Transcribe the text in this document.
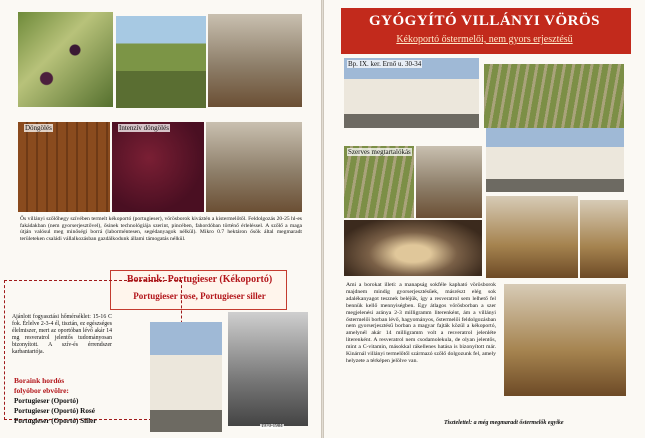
Döngölés	Intenzív döngölés
Ős villányi szőlőhegy szívében termelt kékoportó (portugieser), vörösborok kiváztén a kistermelőtől. Feldolgozás 20-25 hl-es fakádakban (nem gyorserjesztővel), ősinek technológiája szerint, pincében, fahordóban történő érleléssel. A szőlő a maga útján valósul meg minőségi borrá (laborméntesen, segédanyagok nélkül). Mikro 0.7 hektáron ősök által megmaradt területeken családi vállalkozásban gazdálkodunk állami támogatás nélkül.
Boraink: Portugieser (Kékoportó)
Portugieser rose, Portugieser siller
Ajánlott fogyasztási hőmérséklet: 15-16 C fok. Érlelve 2-3-4 él, tisztán, ez egészséges élelmiszer, mert az oportóban lévő akár 14 mg resveratrol jelentős tudományosan bizonyított. A szív-és érrendszer karbantartója.
Boraink hordós
folyóbor ebvölre:
Portugieser (Oportó)
Portugieser (Oportó) Rosé
Portugieser (Oportó) Siller
1970-1984
GYÓGYÍTÓ VILLÁNYI VÖRÖS
Kékoportó őstermelői, nem gyors erjesztésű
Bp. IX. ker. Ernő u. 30-34
Szerves megtartalókás
Ami a borokat illeti: a manapság sokféle kapható vörösborok majdnem mindig gyorserjesztésűek, másrészt elég sok adalékanyagot tesznek beléjük, így a resveratrol sem lelhető fel bennük kellő mennyiségben. Egy átlagos vörösborban a szer megjelenési aránya 2-3 milligramm literenként, ám a villányi őstermelői borban lévő, hagyományos, őstermelői feldolgozásban nem gyorserjesztésű borban a magyar fajták közül a kékoportó, amelynél akár 14 milligramm volt a resveratrol jelenléte literenként. A resveratrol nem csodamolekula, de olyan jelentős, mint a C-vitamin, másokkal rákellenes hatása is bizonyított már. Kinárnál villányi termelőtől származó szőlő dolgozunk fel, amely helyzete a térképen jelölve van.
Tisztelettel: a még megmaradt őstermelők egyike
